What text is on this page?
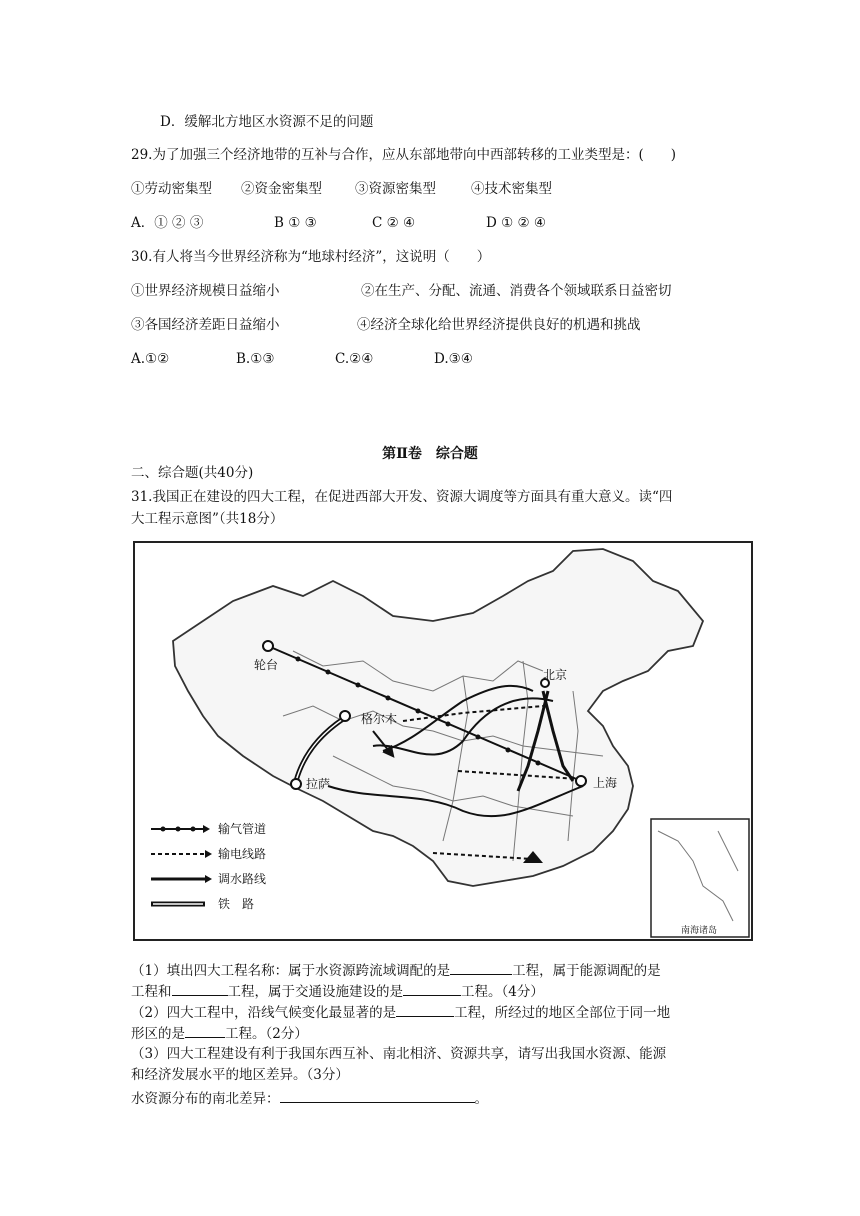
D．缓解北方地区水资源不足的问题
29.为了加强三个经济地带的互补与合作，应从东部地带向中西部转移的工业类型是：(　　)
①劳动密集型 ②资金密集型 ③资源密集型	④技术密集型
A．① ② ③	B ① ③	C ② ④	D ① ② ④
30.有人将当今世界经济称为“地球村经济”，这说明（　　）
①世界经济规模日益缩小	②在生产、分配、流通、消费各个领域联系日益密切
③各国经济差距日益缩小	④经济全球化给世界经济提供良好的机遇和挑战
A.①②	B.①③	C.②④	D.③④
第Ⅱ卷　综合题
二、综合题(共40分)
31.我国正在建设的四大工程，在促进西部大开发、资源大调度等方面具有重大意义。读“四
大工程示意图”（共18分）
轮台
格尔木
拉萨
北京
上海
输气管道
输电线路
调水路线
铁　路
南海诸岛
（1）填出四大工程名称：属于水资源跨流域调配的是	工程，属于能源调配的是
工程和	工程，属于交通设施建设的是	工程。（4分）
（2）四大工程中，沿线气候变化最显著的是	工程，所经过的地区全部位于同一地
形区的是	工程。（2分）
（3）四大工程建设有利于我国东西互补、南北相济、资源共享，请写出我国水资源、能源
和经济发展水平的地区差异。（3分）
水资源分布的南北差异：	。
